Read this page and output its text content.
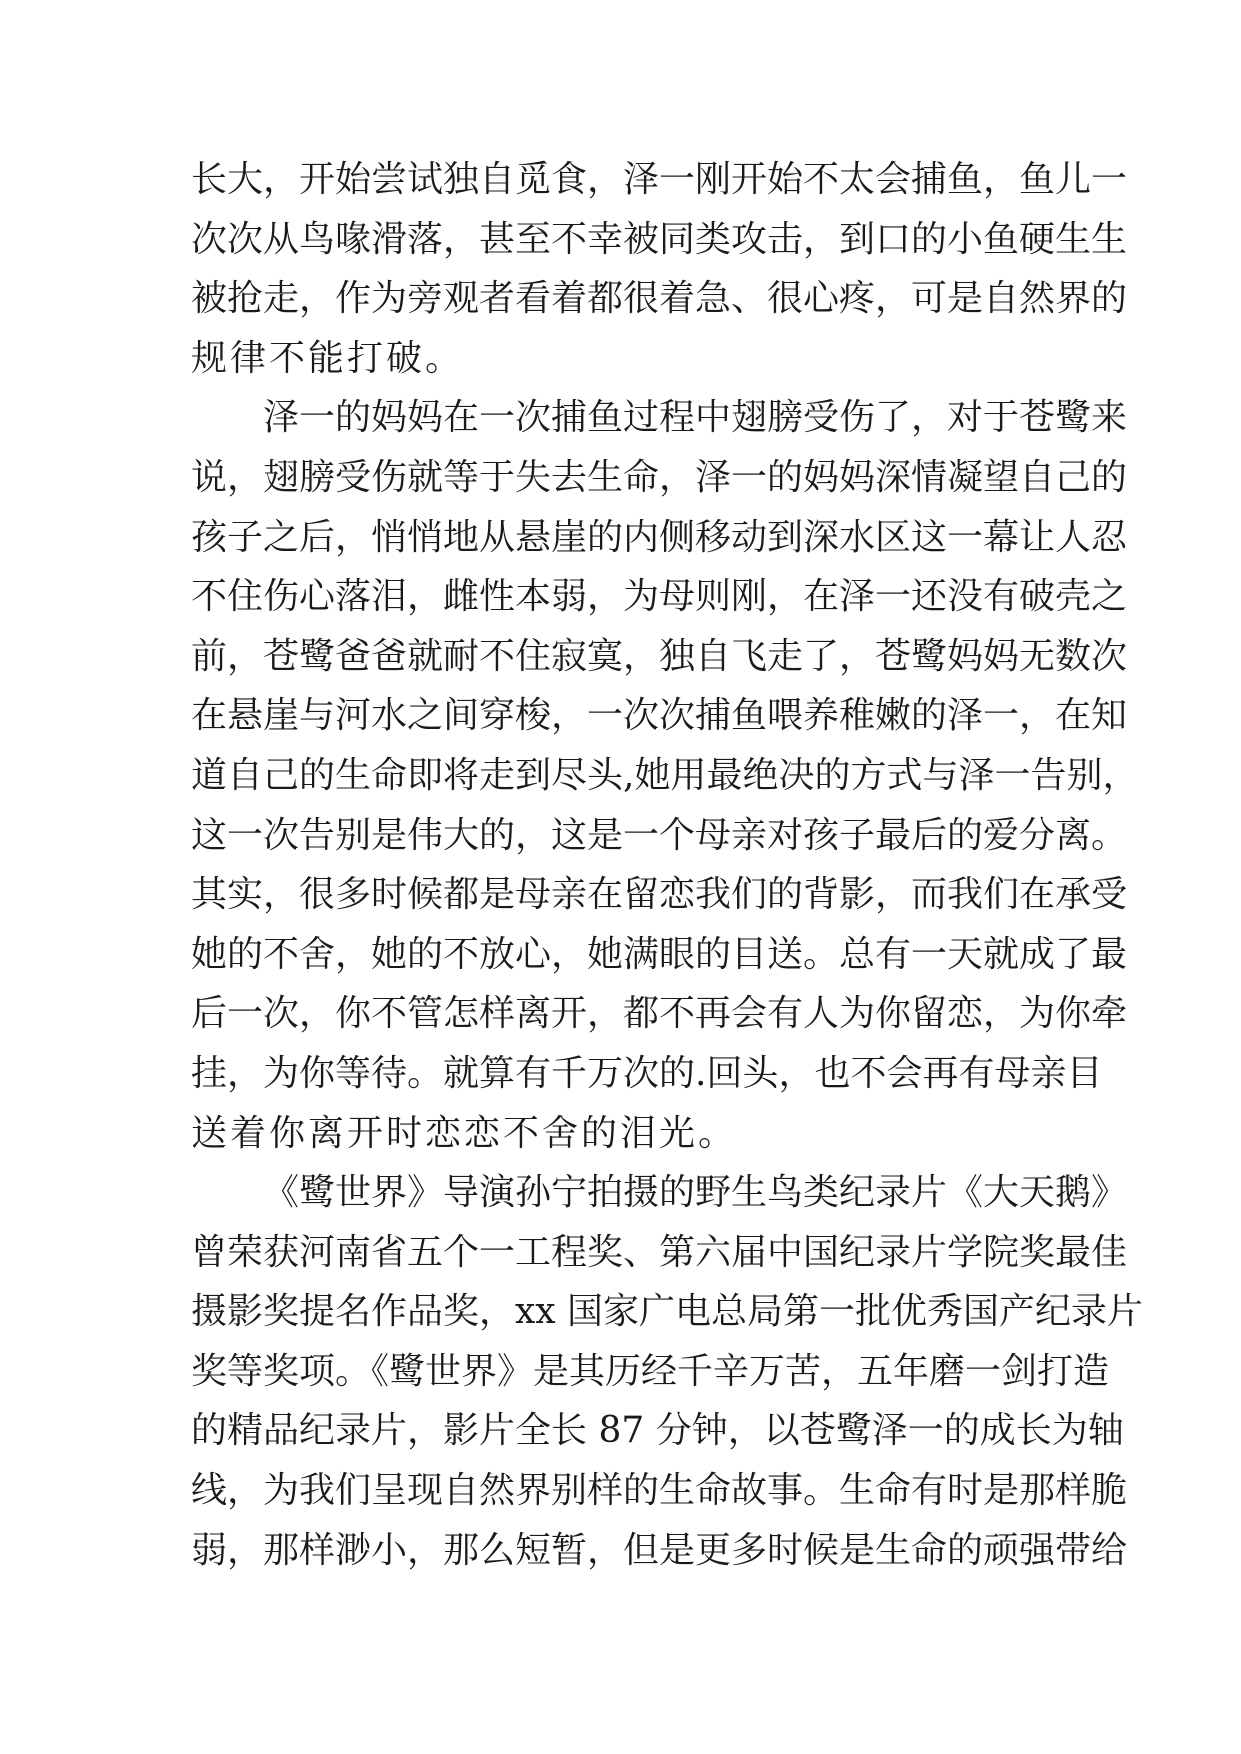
长大，开始尝试独自觅食，泽一刚开始不太会捕鱼，鱼儿一
次次从鸟喙滑落，甚至不幸被同类攻击，到口的小鱼硬生生
被抢走，作为旁观者看着都很着急、很心疼，可是自然界的
规律不能打破。
泽一的妈妈在一次捕鱼过程中翅膀受伤了，对于苍鹭来
说，翅膀受伤就等于失去生命，泽一的妈妈深情凝望自己的
孩子之后，悄悄地从悬崖的内侧移动到深水区这一幕让人忍
不住伤心落泪，雌性本弱，为母则刚，在泽一还没有破壳之
前，苍鹭爸爸就耐不住寂寞，独自飞走了，苍鹭妈妈无数次
在悬崖与河水之间穿梭，一次次捕鱼喂养稚嫩的泽一，在知
道自己的生命即将走到尽头,她用最绝决的方式与泽一告别，
这一次告别是伟大的，这是一个母亲对孩子最后的爱分离。
其实，很多时候都是母亲在留恋我们的背影，而我们在承受
她的不舍，她的不放心，她满眼的目送。总有一天就成了最
后一次，你不管怎样离开，都不再会有人为你留恋，为你牵
挂，为你等待。就算有千万次的.回头，也不会再有母亲目
送着你离开时恋恋不舍的泪光。
《鹭世界》导演孙宁拍摄的野生鸟类纪录片《大天鹅》
曾荣获河南省五个一工程奖、第六届中国纪录片学院奖最佳
摄影奖提名作品奖，xx 国家广电总局第一批优秀国产纪录片
奖等奖项。《鹭世界》是其历经千辛万苦，五年磨一剑打造
的精品纪录片，影片全长 87 分钟，以苍鹭泽一的成长为轴
线，为我们呈现自然界别样的生命故事。生命有时是那样脆
弱，那样渺小，那么短暂，但是更多时候是生命的顽强带给
